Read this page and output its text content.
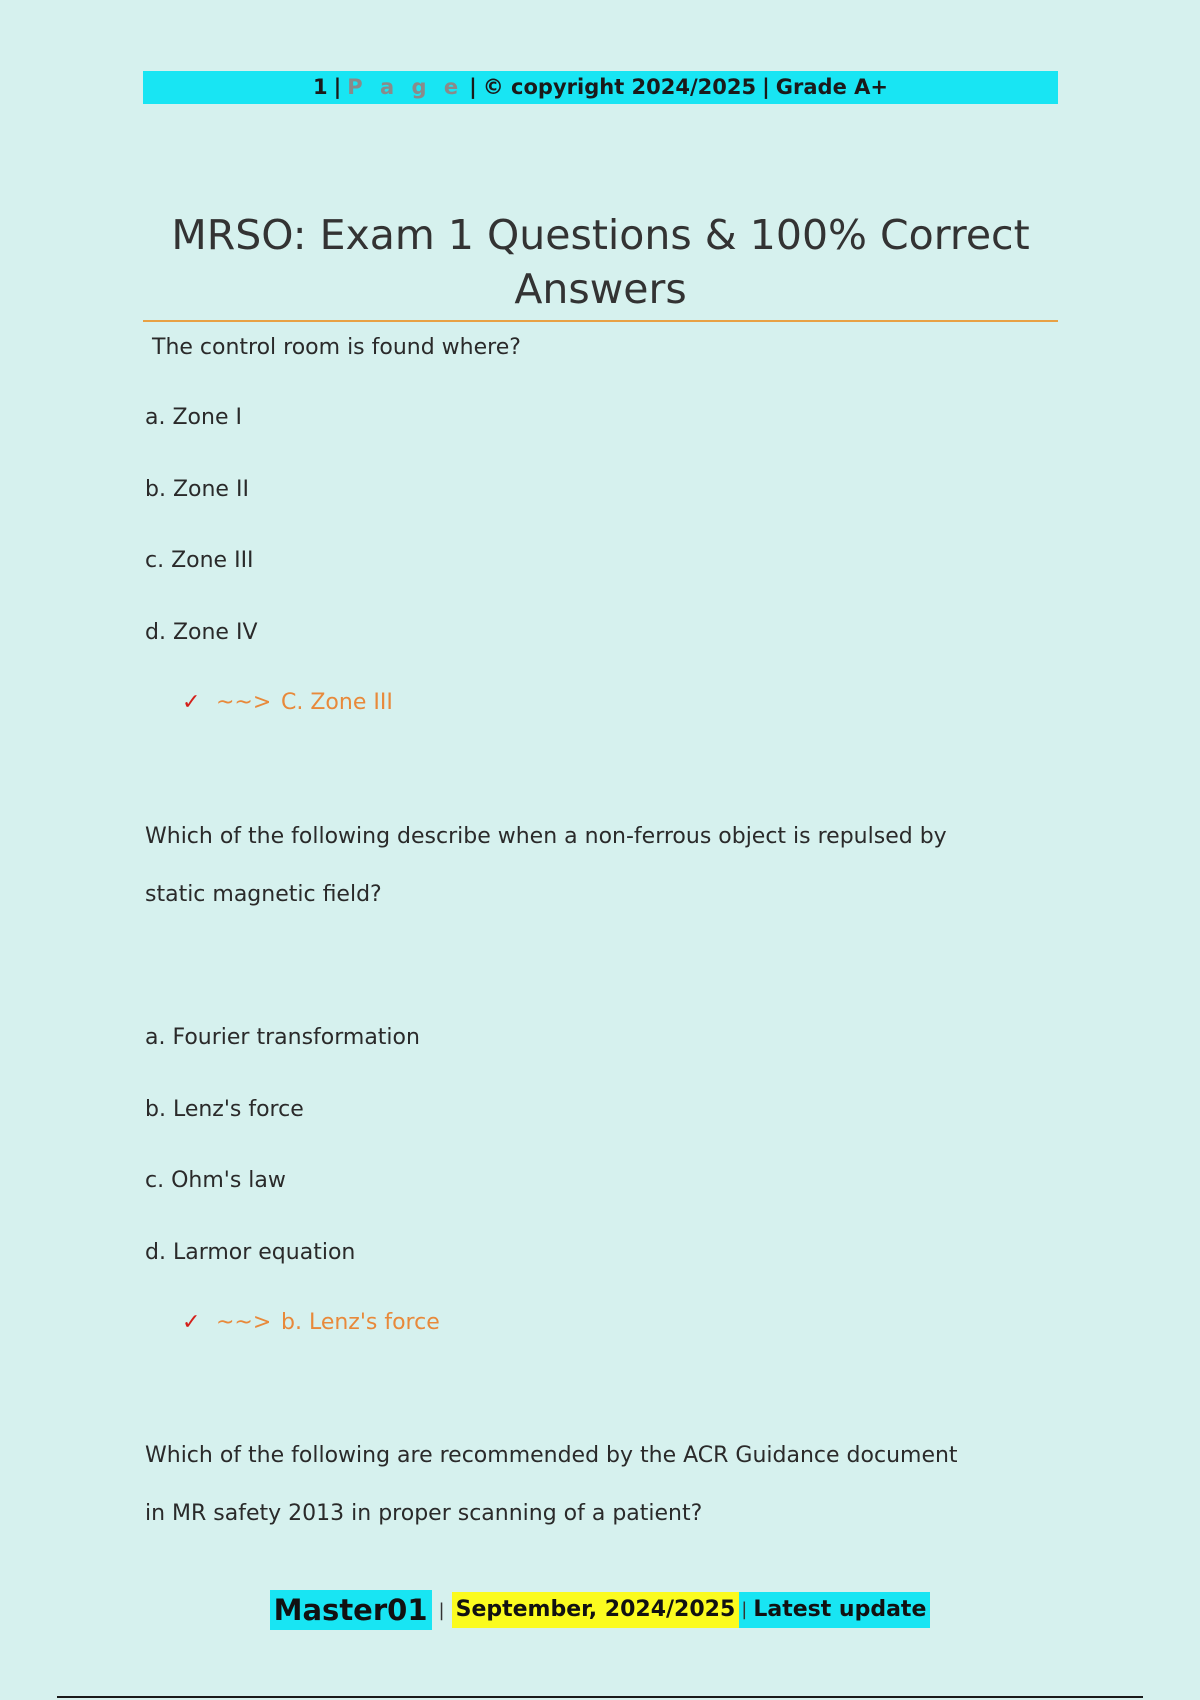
1 | P a g e | © copyright 2024/2025 | Grade A+
MRSO: Exam 1 Questions & 100% Correct Answers
The control room is found where?
a. Zone I
b. Zone II
c. Zone III
d. Zone IV
✓ ~~> C. Zone III
Which of the following describe when a non-ferrous object is repulsed by
static magnetic field?
a. Fourier transformation
b. Lenz's force
c. Ohm's law
d. Larmor equation
✓ ~~> b. Lenz's force
Which of the following are recommended by the ACR Guidance document
in MR safety 2013 in proper scanning of a patient?
Master01 | September, 2024/2025 | Latest update
